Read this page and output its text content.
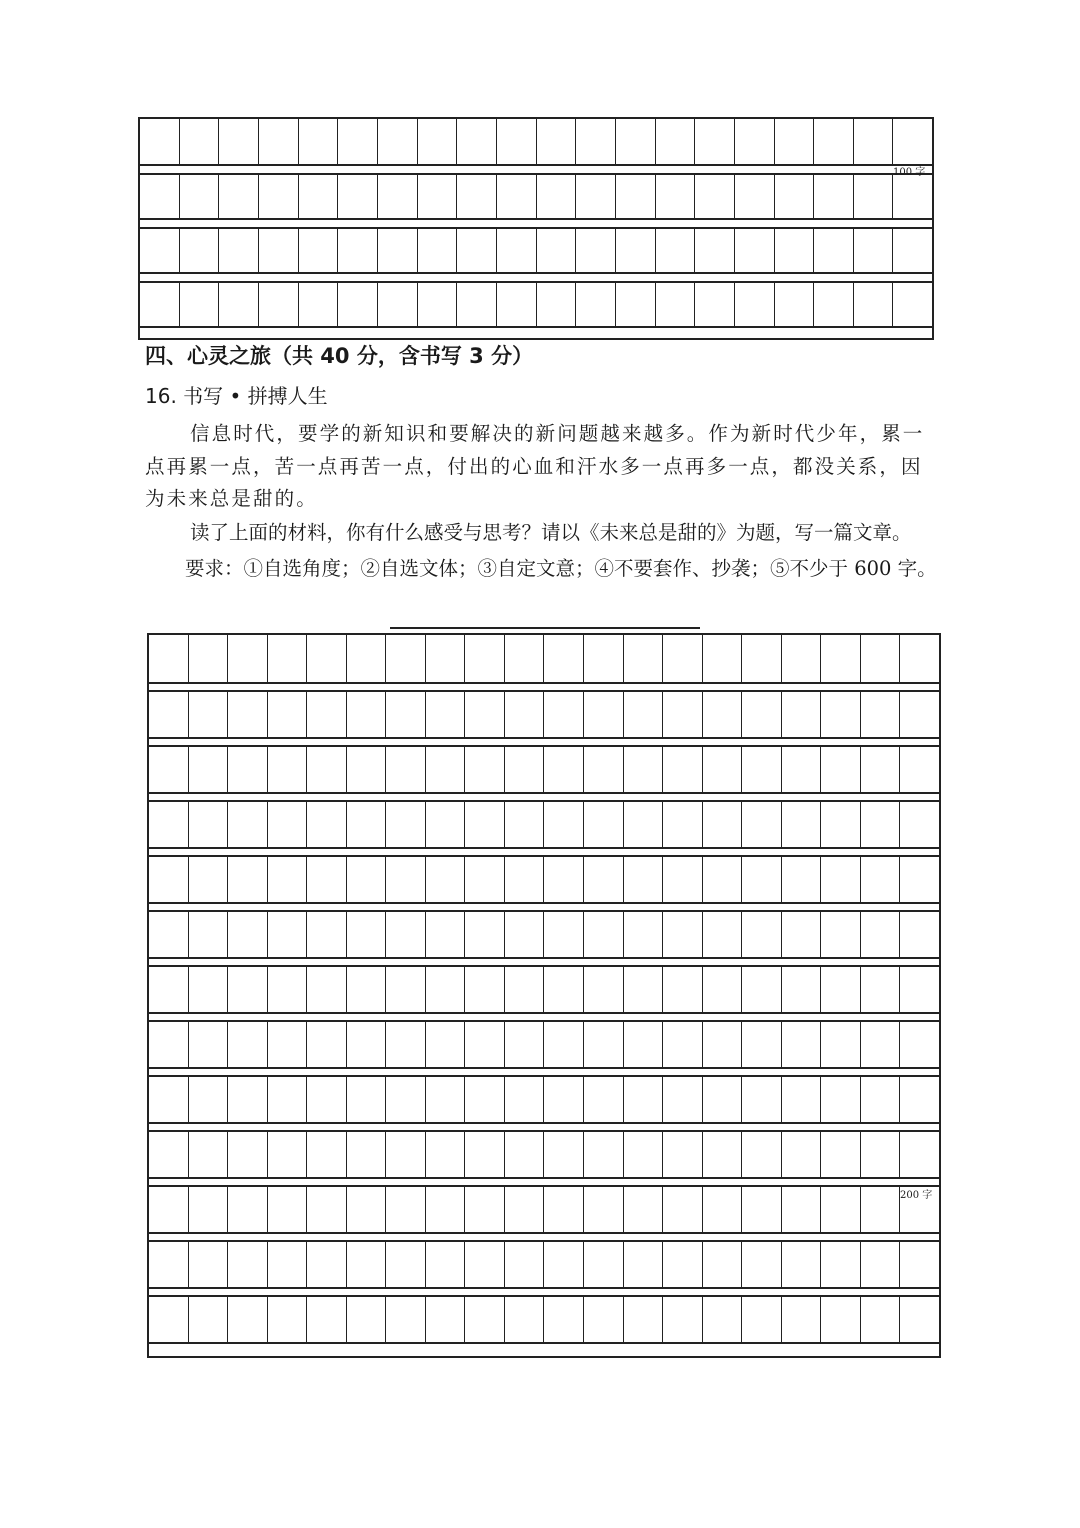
100 字
四、心灵之旅（共 40 分，含书写 3 分）
16. 书写 • 拼搏人生
信息时代，要学的新知识和要解决的新问题越来越多。作为新时代少年，累一
点再累一点，苦一点再苦一点，付出的心血和汗水多一点再多一点，都没关系，因
为未来总是甜的。
读了上面的材料，你有什么感受与思考？请以《未来总是甜的》为题，写一篇文章。
要求：①自选角度；②自选文体；③自定文意；④不要套作、抄袭；⑤不少于 600 字。
200 字
